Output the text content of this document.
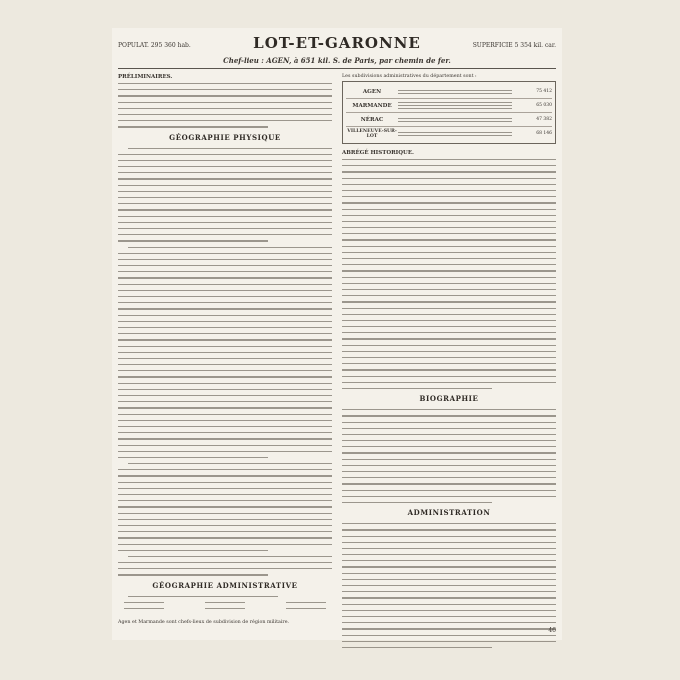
POPULAT. 295 360 hab.	LOT-ET-GARONNE	SUPERFICIE 5 354 kil. car.
Chef-lieu : AGEN, à 651 kil. S. de Paris, par chemin de fer.
PRÉLIMINAIRES.
GÉOGRAPHIE PHYSIQUE
GÉOGRAPHIE ADMINISTRATIVE
Agen et Marmande sont chefs-lieux de subdivision de région militaire.
Les subdivisions administratives du département sont :
AGEN	75 412
MARMANDE	65 030
NÉRAC	47 382
VILLENEUVE-SUR-LOT	68 146
ABRÉGÉ HISTORIQUE.
BIOGRAPHIE
ADMINISTRATION
46
